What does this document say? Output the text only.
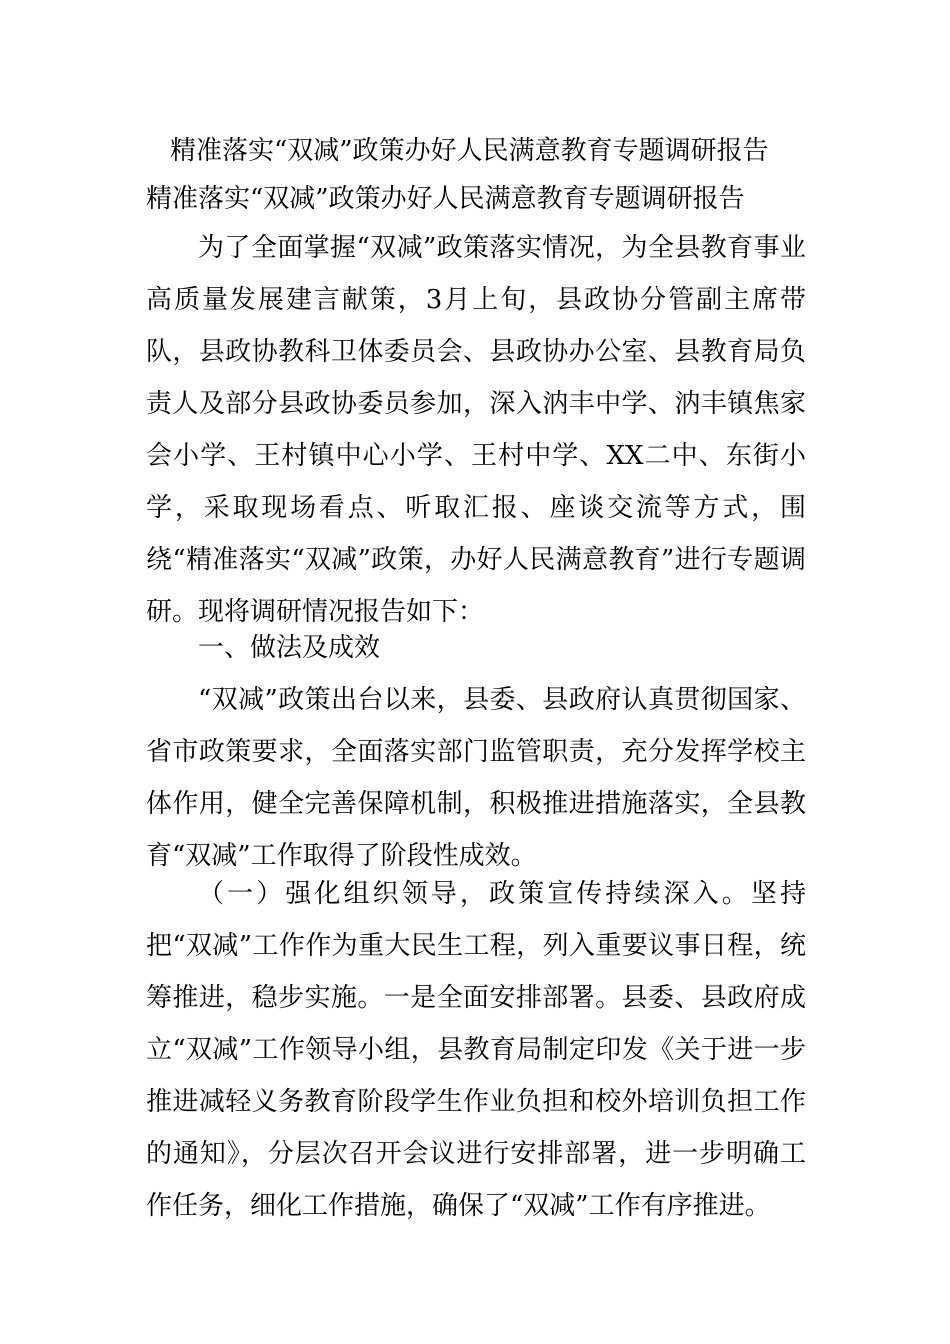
精准落实“双减”政策办好人民满意教育专题调研报告
精准落实“双减”政策办好人民满意教育专题调研报告

为了全面掌握“双减”政策落实情况，为全县教育事业高质量发展建言献策，3月上旬，县政协分管副主席带队，县政协教科卫体委员会、县政协办公室、县教育局负责人及部分县政协委员参加，深入汭丰中学、汭丰镇焦家会小学、王村镇中心小学、王村中学、XX二中、东街小学，采取现场看点、听取汇报、座谈交流等方式，围绕“精准落实“双减”政策，办好人民满意教育”进行专题调研。现将调研情况报告如下：

一、做法及成效

“双减”政策出台以来，县委、县政府认真贯彻国家、省市政策要求，全面落实部门监管职责，充分发挥学校主体作用，健全完善保障机制，积极推进措施落实，全县教育“双减”工作取得了阶段性成效。

（一）强化组织领导，政策宣传持续深入。坚持把“双减”工作作为重大民生工程，列入重要议事日程，统筹推进，稳步实施。一是全面安排部署。县委、县政府成立“双减”工作领导小组，县教育局制定印发《关于进一步推进减轻义务教育阶段学生作业负担和校外培训负担工作的通知》，分层次召开会议进行安排部署，进一步明确工作任务，细化工作措施，确保了“双减”工作有序推进。
